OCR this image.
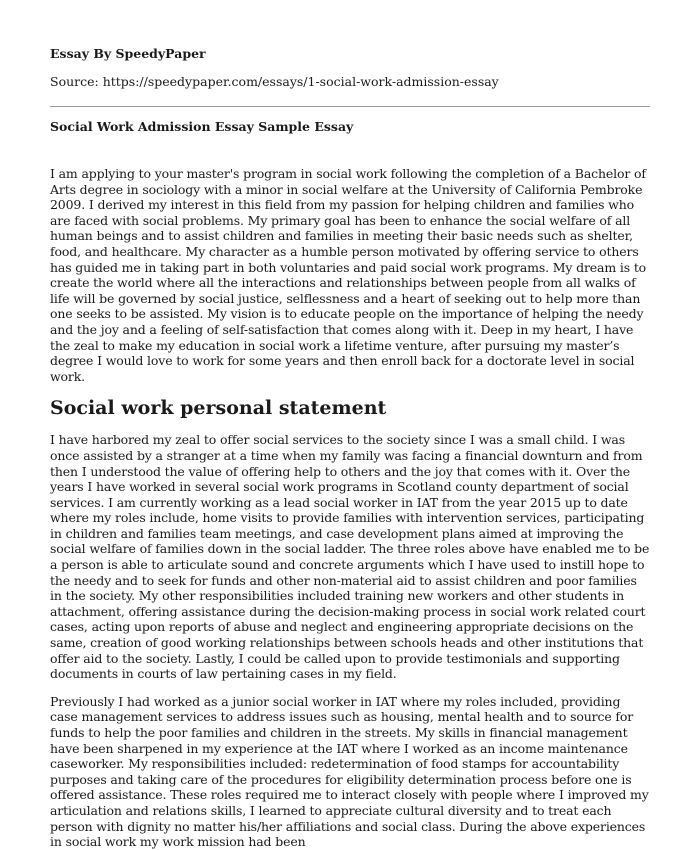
Essay By SpeedyPaper
Source: https://speedypaper.com/essays/1-social-work-admission-essay
Social Work Admission Essay Sample Essay

I am applying to your master's program in social work following the completion of a Bachelor of Arts degree in sociology with a minor in social welfare at the University of California Pembroke 2009. I derived my interest in this field from my passion for helping children and families who are faced with social problems. My primary goal has been to enhance the social welfare of all human beings and to assist children and families in meeting their basic needs such as shelter, food, and healthcare. My character as a humble person motivated by offering service to others has guided me in taking part in both voluntaries and paid social work programs. My dream is to create the world where all the interactions and relationships between people from all walks of life will be governed by social justice, selflessness and a heart of seeking out to help more than one seeks to be assisted. My vision is to educate people on the importance of helping the needy and the joy and a feeling of self-satisfaction that comes along with it. Deep in my heart, I have the zeal to make my education in social work a lifetime venture, after pursuing my master’s degree I would love to work for some years and then enroll back for a doctorate level in social work.

Social work personal statement

I have harbored my zeal to offer social services to the society since I was a small child. I was once assisted by a stranger at a time when my family was facing a financial downturn and from then I understood the value of offering help to others and the joy that comes with it. Over the years I have worked in several social work programs in Scotland county department of social services. I am currently working as a lead social worker in IAT from the year 2015 up to date where my roles include, home visits to provide families with intervention services, participating in children and families team meetings, and case development plans aimed at improving the social welfare of families down in the social ladder. The three roles above have enabled me to be a person is able to articulate sound and concrete arguments which I have used to instill hope to the needy and to seek for funds and other non-material aid to assist children and poor families in the society. My other responsibilities included training new workers and other students in attachment, offering assistance during the decision-making process in social work related court cases, acting upon reports of abuse and neglect and engineering appropriate decisions on the same, creation of good working relationships between schools heads and other institutions that offer aid to the society. Lastly, I could be called upon to provide testimonials and supporting documents in courts of law pertaining cases in my field.

Previously I had worked as a junior social worker in IAT where my roles included, providing case management services to address issues such as housing, mental health and to source for funds to help the poor families and children in the streets. My skills in financial management have been sharpened in my experience at the IAT where I worked as an income maintenance caseworker. My responsibilities included: redetermination of food stamps for accountability purposes and taking care of the procedures for eligibility determination process before one is offered assistance. These roles required me to interact closely with people where I improved my articulation and relations skills, I learned to appreciate cultural diversity and to treat each person with dignity no matter his/her affiliations and social class. During the above experiences in social work my work mission had been
